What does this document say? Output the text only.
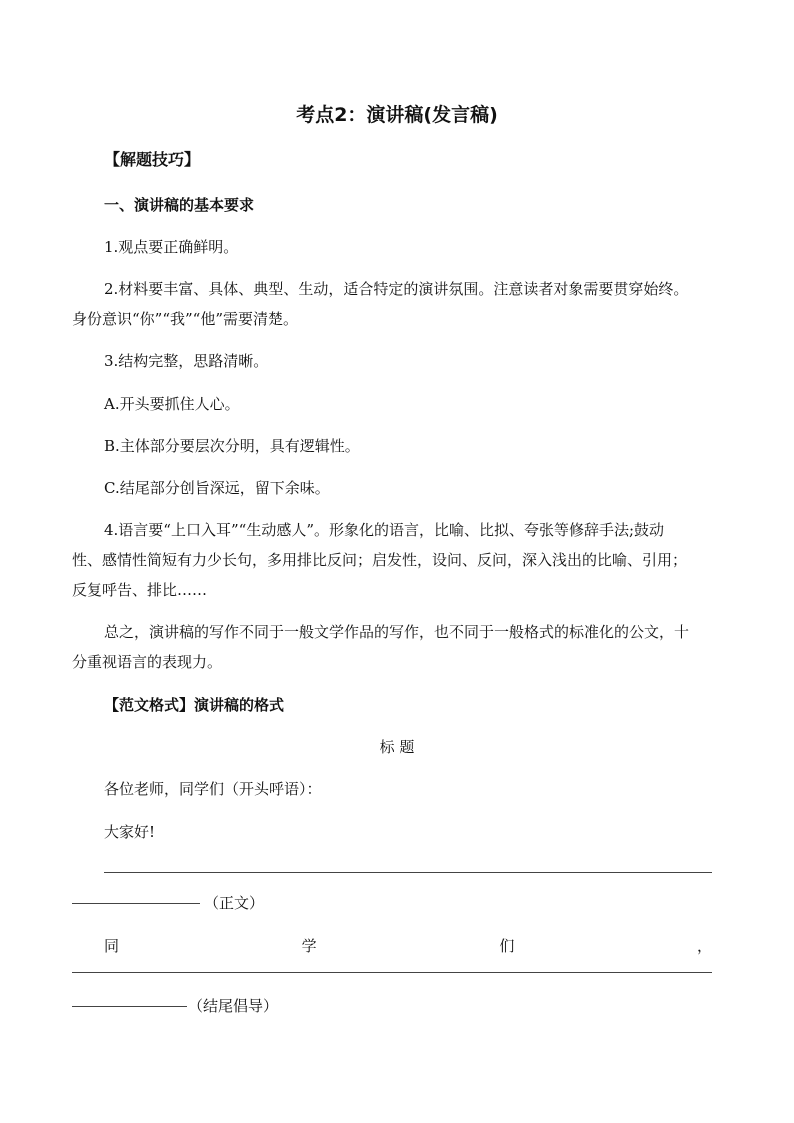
考点2：演讲稿(发言稿)
【解题技巧】
一、演讲稿的基本要求
1.观点要正确鲜明。
2.材料要丰富、具体、典型、生动，适合特定的演讲氛围。注意读者对象需要贯穿始终。
身份意识“你”“我”“他”需要清楚。
3.结构完整，思路清晰。
A.开头要抓住人心。
B.主体部分要层次分明，具有逻辑性。
C.结尾部分创旨深远，留下余味。
4.语言要“上口入耳”“生动感人”。形象化的语言，比喻、比拟、夸张等修辞手法;鼓动
性、感情性简短有力少长句，多用排比反问；启发性，设问、反问，深入浅出的比喻、引用；
反复呼告、排比……
总之，演讲稿的写作不同于一般文学作品的写作，也不同于一般格式的标准化的公文，十
分重视语言的表现力。
【范文格式】演讲稿的格式
标 题
各位老师，同学们（开头呼语）：
大家好!
（正文）
同	学	们	，
（结尾倡导）
